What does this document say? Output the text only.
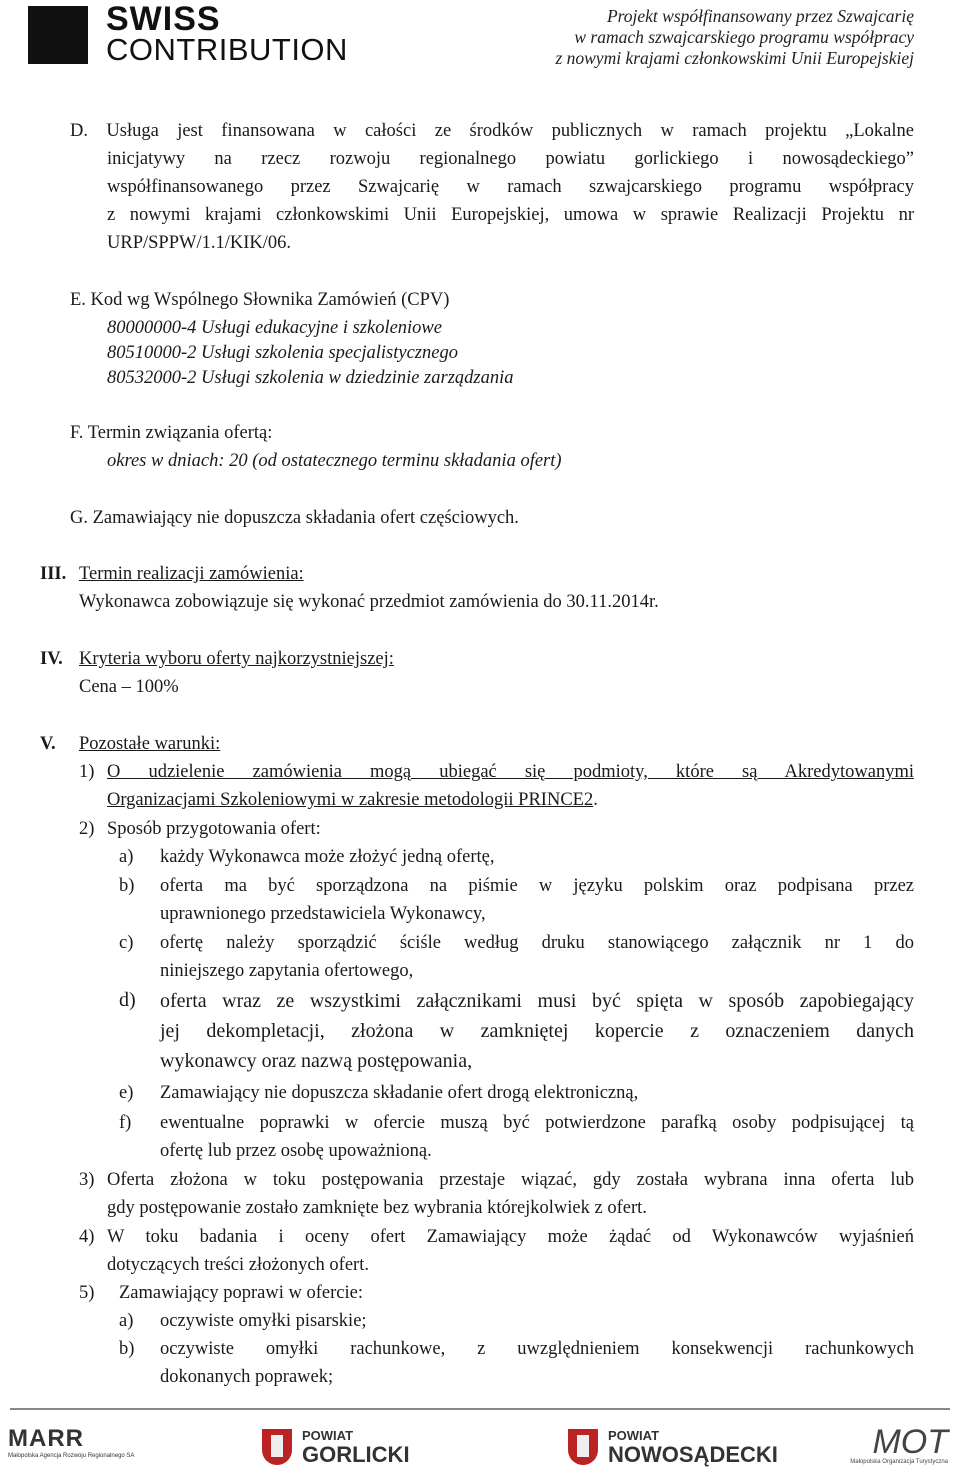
SWISS
CONTRIBUTION
Projekt współfinansowany przez Szwajcarię
w ramach szwajcarskiego programu współpracy
z nowymi krajami członkowskimi Unii Europejskiej
D. Usługa jest finansowana w całości ze środków publicznych w ramach projektu „Lokalne
inicjatywy na rzecz rozwoju regionalnego powiatu gorlickiego i nowosądeckiego”
współfinansowanego przez Szwajcarię w ramach szwajcarskiego programu współpracy
z nowymi krajami członkowskimi Unii Europejskiej, umowa w sprawie Realizacji Projektu nr
URP/SPPW/1.1/KIK/06.
E. Kod wg Wspólnego Słownika Zamówień (CPV)
80000000-4 Usługi edukacyjne i szkoleniowe
80510000-2 Usługi szkolenia specjalistycznego
80532000-2 Usługi szkolenia w dziedzinie zarządzania
F. Termin związania ofertą:
okres w dniach: 20 (od ostatecznego terminu składania ofert)
G. Zamawiający nie dopuszcza składania ofert częściowych.
III. Termin realizacji zamówienia:
Wykonawca zobowiązuje się wykonać przedmiot zamówienia do 30.11.2014r.
IV. Kryteria wyboru oferty najkorzystniejszej:
Cena – 100%
V. Pozostałe warunki:
1) O udzielenie zamówienia mogą ubiegać się podmioty, które są Akredytowanymi
Organizacjami Szkoleniowymi w zakresie metodologii PRINCE2.
2) Sposób przygotowania ofert:
a) każdy Wykonawca może złożyć jedną ofertę,
b) oferta ma być sporządzona na piśmie w języku polskim oraz podpisana przez
uprawnionego przedstawiciela Wykonawcy,
c) ofertę należy sporządzić ściśle według druku stanowiącego załącznik nr 1 do
niniejszego zapytania ofertowego,
d) oferta wraz ze wszystkimi załącznikami musi być spięta w sposób zapobiegający
jej dekompletacji, złożona w zamkniętej kopercie z oznaczeniem danych
wykonawcy oraz nazwą postępowania,
e) Zamawiający nie dopuszcza składanie ofert drogą elektroniczną,
f) ewentualne poprawki w ofercie muszą być potwierdzone parafką osoby podpisującej tą
ofertę lub przez osobę upoważnioną.
3) Oferta złożona w toku postępowania przestaje wiązać, gdy została wybrana inna oferta lub
gdy postępowanie zostało zamknięte bez wybrania którejkolwiek z ofert.
4) W toku badania i oceny ofert Zamawiający może żądać od Wykonawców wyjaśnień
dotyczących treści złożonych ofert.
5) Zamawiający poprawi w ofercie:
a) oczywiste omyłki pisarskie;
b) oczywiste omyłki rachunkowe, z uwzględnieniem konsekwencji rachunkowych
dokonanych poprawek;
MARR
Małopolska Agencja Rozwoju Regionalnego SA
POWIAT
GORLICKI
POWIAT
NOWOSĄDECKI	MOT
Małopolska Organizacja Turystyczna
